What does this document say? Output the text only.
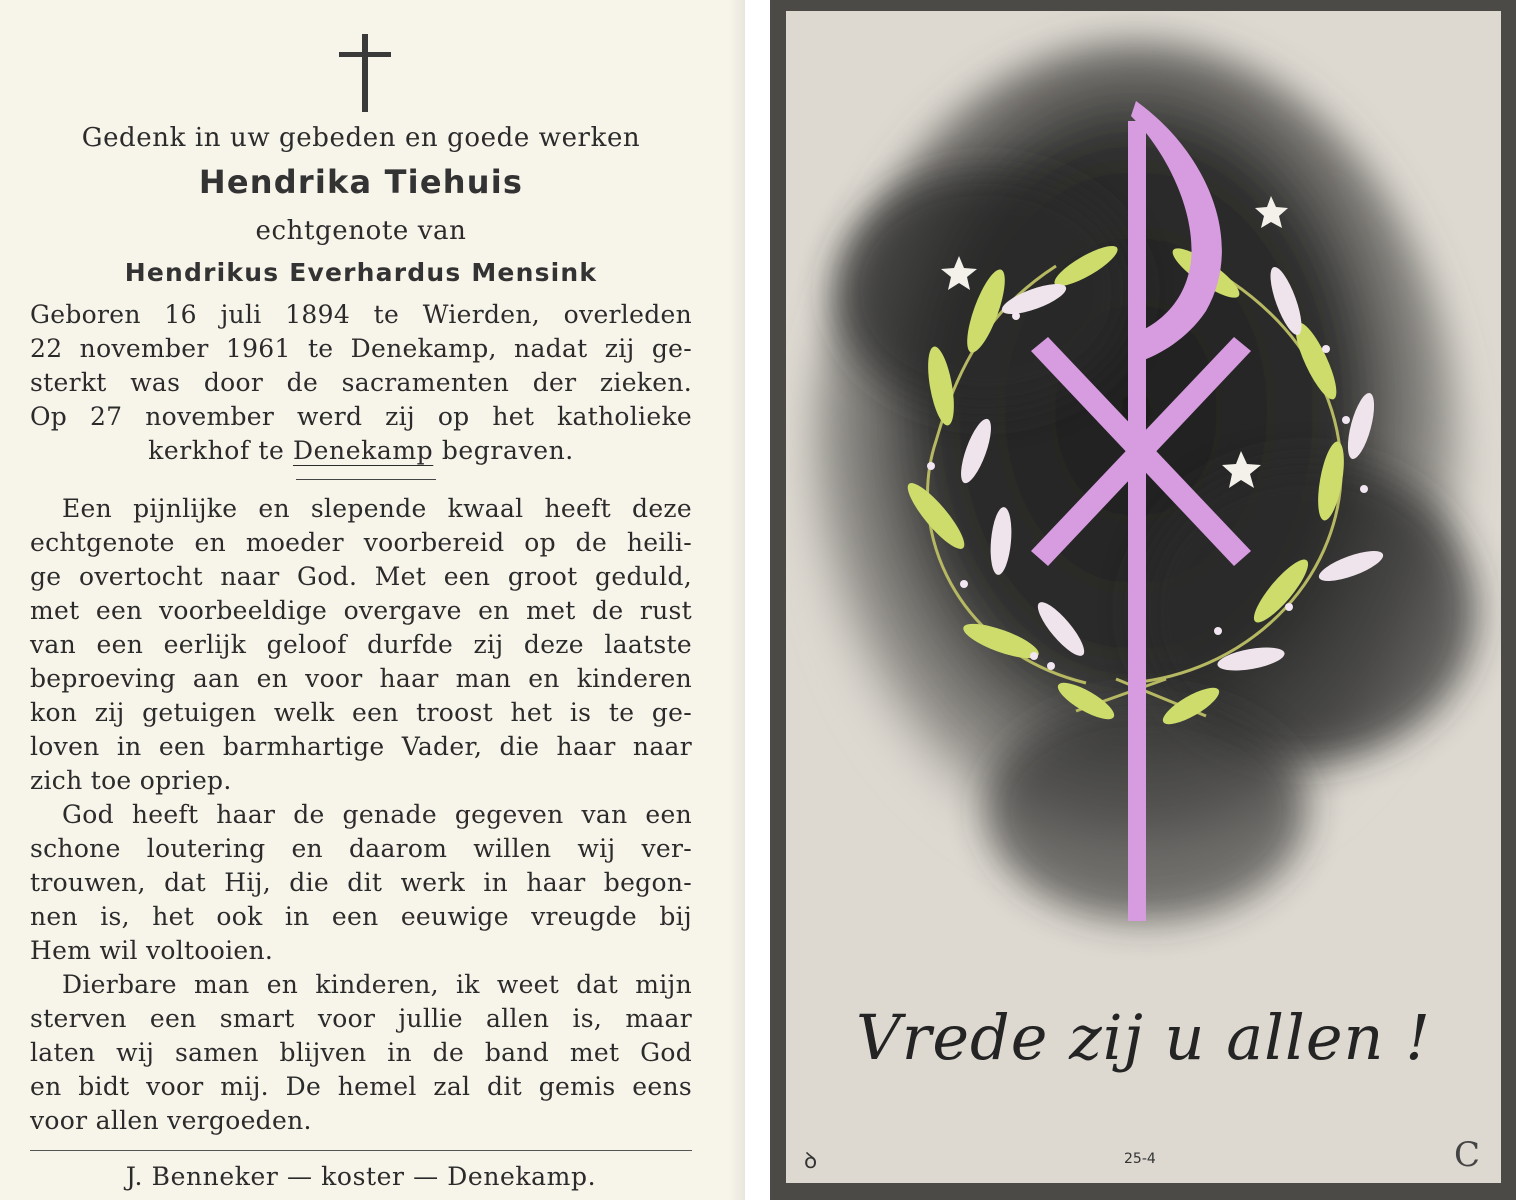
Gedenk in uw gebeden en goede werken
Hendrika Tiehuis
echtgenote van
Hendrikus Everhardus Mensink
Geboren 16 juli 1894 te Wierden, overleden
22 november 1961 te Denekamp, nadat zij ge-
sterkt was door de sacramenten der zieken.
Op 27 november werd zij op het katholieke
kerkhof te Denekamp begraven.
Een pijnlijke en slepende kwaal heeft deze
echtgenote en moeder voorbereid op de heili-
ge overtocht naar God. Met een groot geduld,
met een voorbeeldige overgave en met de rust
van een eerlijk geloof durfde zij deze laatste
beproeving aan en voor haar man en kinderen
kon zij getuigen welk een troost het is te ge-
loven in een barmhartige Vader, die haar naar
zich toe opriep.
God heeft haar de genade gegeven van een
schone loutering en daarom willen wij ver-
trouwen, dat Hij, die dit werk in haar begon-
nen is, het ook in een eeuwige vreugde bij
Hem wil voltooien.
Dierbare man en kinderen, ik weet dat mijn
sterven een smart voor jullie allen is, maar
laten wij samen blijven in de band met God
en bidt voor mij. De hemel zal dit gemis eens
voor allen vergoeden.
J. Benneker — koster — Denekamp.
Vrede zij u allen !
ꝺ	25-4	C
